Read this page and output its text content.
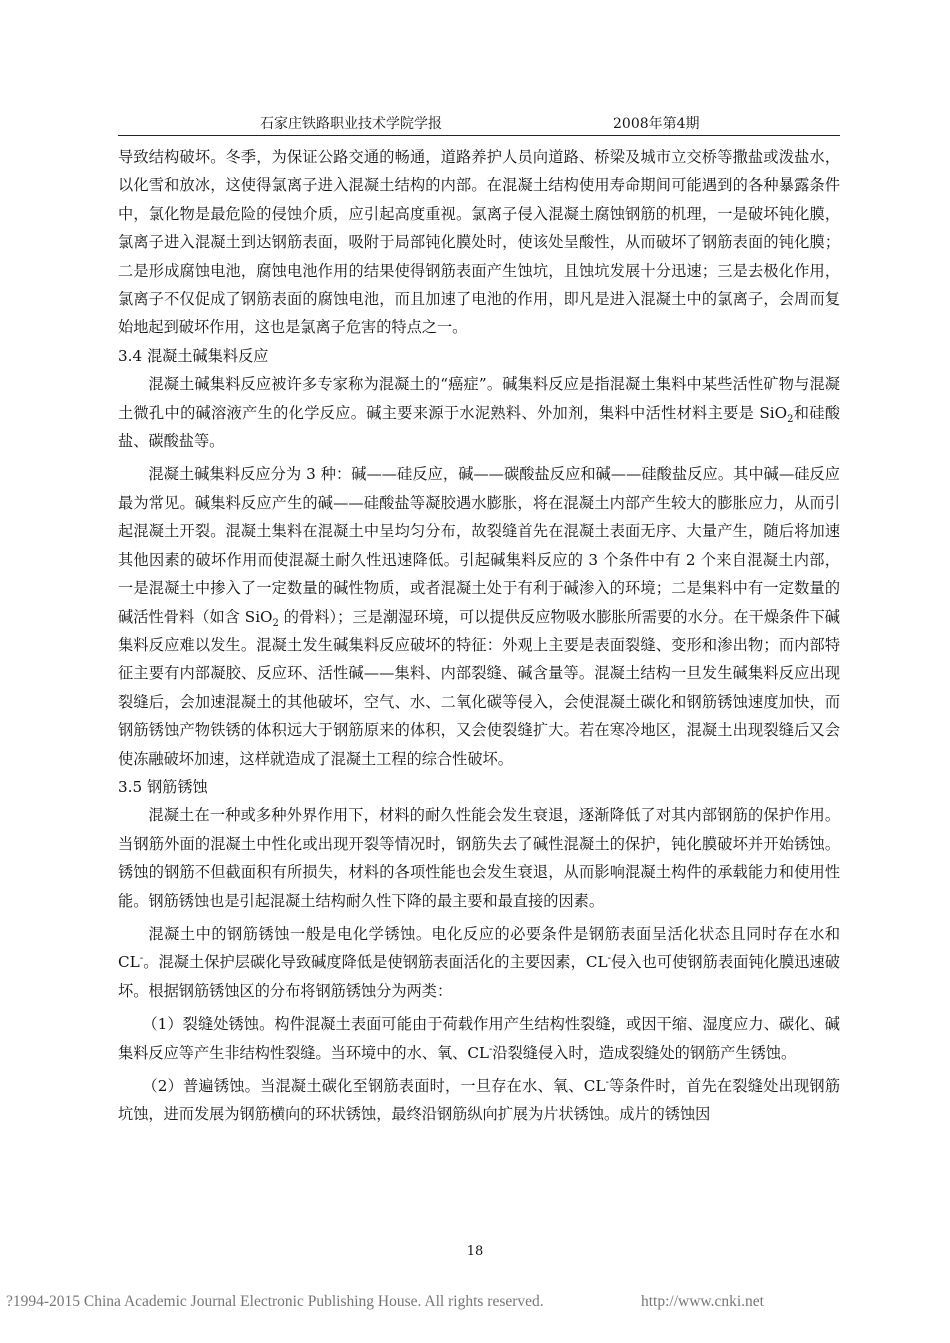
石家庄铁路职业技术学院学报	2008年第4期

导致结构破坏。冬季，为保证公路交通的畅通，道路养护人员向道路、桥梁及城市立交桥等撒盐或泼盐水，以化雪和放冰，这使得氯离子进入混凝土结构的内部。在混凝土结构使用寿命期间可能遇到的各种暴露条件中，氯化物是最危险的侵蚀介质，应引起高度重视。氯离子侵入混凝土腐蚀钢筋的机理，一是破坏钝化膜，氯离子进入混凝土到达钢筋表面，吸附于局部钝化膜处时，使该处呈酸性，从而破坏了钢筋表面的钝化膜；二是形成腐蚀电池，腐蚀电池作用的结果使得钢筋表面产生蚀坑，且蚀坑发展十分迅速；三是去极化作用，氯离子不仅促成了钢筋表面的腐蚀电池，而且加速了电池的作用，即凡是进入混凝土中的氯离子，会周而复始地起到破坏作用，这也是氯离子危害的特点之一。

3.4 混凝土碱集料反应

混凝土碱集料反应被许多专家称为混凝土的“癌症”。碱集料反应是指混凝土集料中某些活性矿物与混凝土微孔中的碱溶液产生的化学反应。碱主要来源于水泥熟料、外加剂，集料中活性材料主要是 SiO$_2$和硅酸盐、碳酸盐等。

混凝土碱集料反应分为 3 种：碱——硅反应，碱——碳酸盐反应和碱——硅酸盐反应。其中碱—硅反应最为常见。碱集料反应产生的碱——硅酸盐等凝胶遇水膨胀，将在混凝土内部产生较大的膨胀应力，从而引起混凝土开裂。混凝土集料在混凝土中呈均匀分布，故裂缝首先在混凝土表面无序、大量产生，随后将加速其他因素的破坏作用而使混凝土耐久性迅速降低。引起碱集料反应的 3 个条件中有 2 个来自混凝土内部，一是混凝土中掺入了一定数量的碱性物质，或者混凝土处于有利于碱渗入的环境；二是集料中有一定数量的碱活性骨料（如含 SiO$_2$ 的骨料）；三是潮湿环境，可以提供反应物吸水膨胀所需要的水分。在干燥条件下碱集料反应难以发生。混凝土发生碱集料反应破坏的特征：外观上主要是表面裂缝、变形和渗出物；而内部特征主要有内部凝胶、反应环、活性碱——集料、内部裂缝、碱含量等。混凝土结构一旦发生碱集料反应出现裂缝后，会加速混凝土的其他破坏，空气、水、二氧化碳等侵入，会使混凝土碳化和钢筋锈蚀速度加快，而钢筋锈蚀产物铁锈的体积远大于钢筋原来的体积，又会使裂缝扩大。若在寒冷地区，混凝土出现裂缝后又会使冻融破坏加速，这样就造成了混凝土工程的综合性破坏。

3.5 钢筋锈蚀

混凝土在一种或多种外界作用下，材料的耐久性能会发生衰退，逐渐降低了对其内部钢筋的保护作用。当钢筋外面的混凝土中性化或出现开裂等情况时，钢筋失去了碱性混凝土的保护，钝化膜破坏并开始锈蚀。锈蚀的钢筋不但截面积有所损失，材料的各项性能也会发生衰退，从而影响混凝土构件的承载能力和使用性能。钢筋锈蚀也是引起混凝土结构耐久性下降的最主要和最直接的因素。

混凝土中的钢筋锈蚀一般是电化学锈蚀。电化反应的必要条件是钢筋表面呈活化状态且同时存在水和 CL-。混凝土保护层碳化导致碱度降低是使钢筋表面活化的主要因素，CL-侵入也可使钢筋表面钝化膜迅速破坏。根据钢筋锈蚀区的分布将钢筋锈蚀分为两类：

（1）裂缝处锈蚀。构件混凝土表面可能由于荷载作用产生结构性裂缝，或因干缩、湿度应力、碳化、碱集料反应等产生非结构性裂缝。当环境中的水、氧、CL-沿裂缝侵入时，造成裂缝处的钢筋产生锈蚀。

（2）普遍锈蚀。当混凝土碳化至钢筋表面时，一旦存在水、氧、CL-等条件时，首先在裂缝处出现钢筋坑蚀，进而发展为钢筋横向的环状锈蚀，最终沿钢筋纵向扩展为片状锈蚀。成片的锈蚀因

18
?1994-2015 China Academic Journal Electronic Publishing House. All rights reserved.	http://www.cnki.net
